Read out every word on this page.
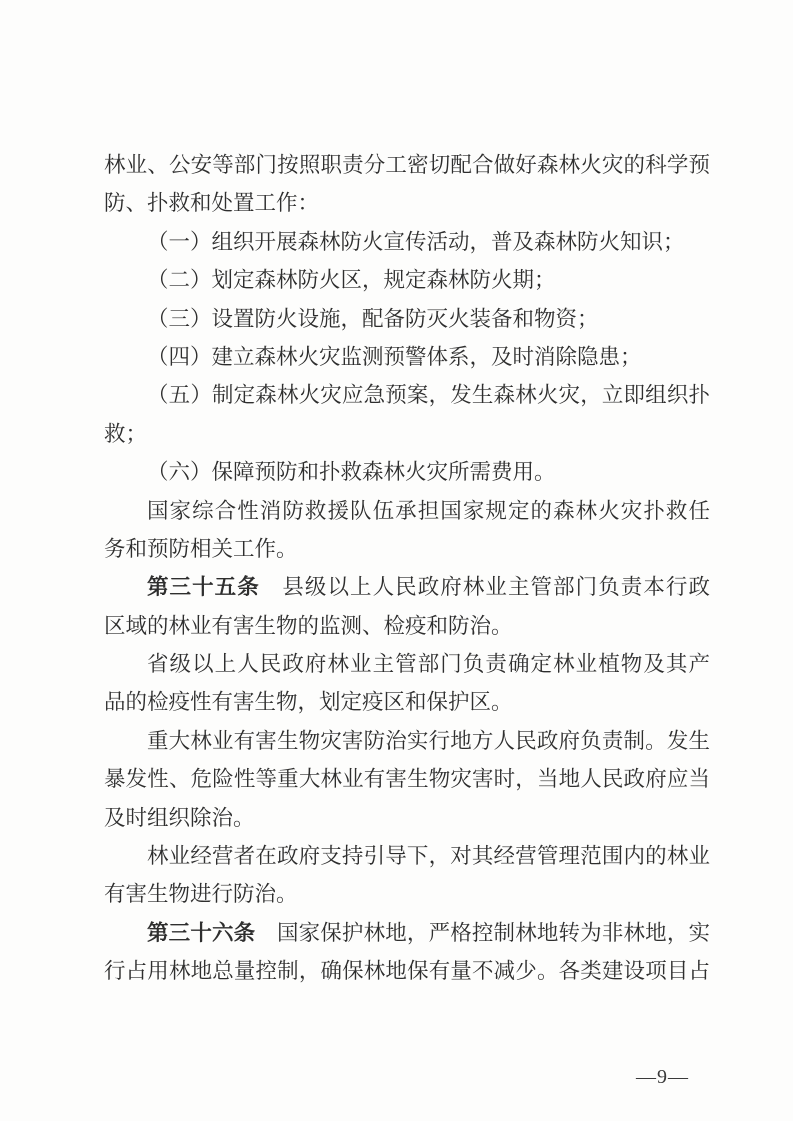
林业、公安等部门按照职责分工密切配合做好森林火灾的科学预

防、扑救和处置工作：

（一）组织开展森林防火宣传活动，普及森林防火知识；

（二）划定森林防火区，规定森林防火期；

（三）设置防火设施，配备防灭火装备和物资；

（四）建立森林火灾监测预警体系，及时消除隐患；

（五）制定森林火灾应急预案，发生森林火灾，立即组织扑

救；

（六）保障预防和扑救森林火灾所需费用。

国家综合性消防救援队伍承担国家规定的森林火灾扑救任

务和预防相关工作。

第三十五条　县级以上人民政府林业主管部门负责本行政

区域的林业有害生物的监测、检疫和防治。

省级以上人民政府林业主管部门负责确定林业植物及其产

品的检疫性有害生物，划定疫区和保护区。

重大林业有害生物灾害防治实行地方人民政府负责制。发生

暴发性、危险性等重大林业有害生物灾害时，当地人民政府应当

及时组织除治。

林业经营者在政府支持引导下，对其经营管理范围内的林业

有害生物进行防治。

第三十六条　国家保护林地，严格控制林地转为非林地，实

行占用林地总量控制，确保林地保有量不减少。各类建设项目占

—9—
